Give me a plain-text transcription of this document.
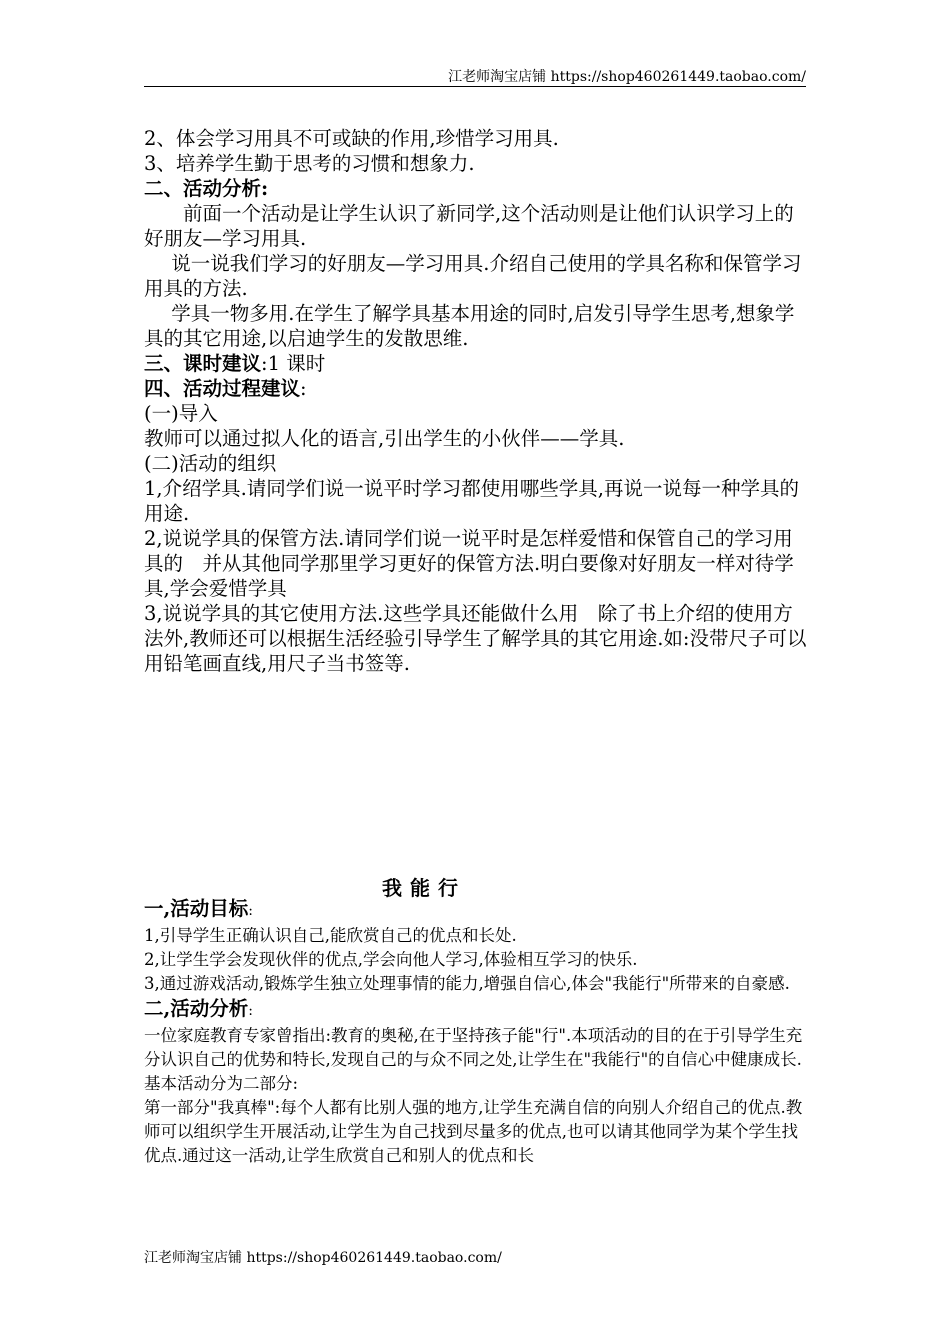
江老师淘宝店铺 https://shop460261449.taobao.com/

2、体会学习用具不可或缺的作用,珍惜学习用具.

3、培养学生勤于思考的习惯和想象力.

二、活动分析:

前面一个活动是让学生认识了新同学,这个活动则是让他们认识学习上的好朋友—学习用具.

说一说我们学习的好朋友—学习用具.介绍自己使用的学具名称和保管学习用具的方法.

学具一物多用.在学生了解学具基本用途的同时,启发引导学生思考,想象学具的其它用途,以启迪学生的发散思维.

三、课时建议:1 课时

四、活动过程建议:

(一)导入

教师可以通过拟人化的语言,引出学生的小伙伴——学具.

(二)活动的组织

1,介绍学具.请同学们说一说平时学习都使用哪些学具,再说一说每一种学具的用途.

2,说说学具的保管方法.请同学们说一说平时是怎样爱惜和保管自己的学习用具的　并从其他同学那里学习更好的保管方法.明白要像对好朋友一样对待学具,学会爱惜学具

3,说说学具的其它使用方法.这些学具还能做什么用　除了书上介绍的使用方法外,教师还可以根据生活经验引导学生了解学具的其它用途.如:没带尺子可以用铅笔画直线,用尺子当书签等.

我能行

一,活动目标:

1,引导学生正确认识自己,能欣赏自己的优点和长处.

2,让学生学会发现伙伴的优点,学会向他人学习,体验相互学习的快乐.

3,通过游戏活动,锻炼学生独立处理事情的能力,增强自信心,体会"我能行"所带来的自豪感.

二,活动分析:

一位家庭教育专家曾指出:教育的奥秘,在于坚持孩子能"行".本项活动的目的在于引导学生充分认识自己的优势和特长,发现自己的与众不同之处,让学生在"我能行"的自信心中健康成长.

基本活动分为二部分:

第一部分"我真棒":每个人都有比别人强的地方,让学生充满自信的向别人介绍自己的优点.教师可以组织学生开展活动,让学生为自己找到尽量多的优点,也可以请其他同学为某个学生找优点.通过这一活动,让学生欣赏自己和别人的优点和长

江老师淘宝店铺 https://shop460261449.taobao.com/
